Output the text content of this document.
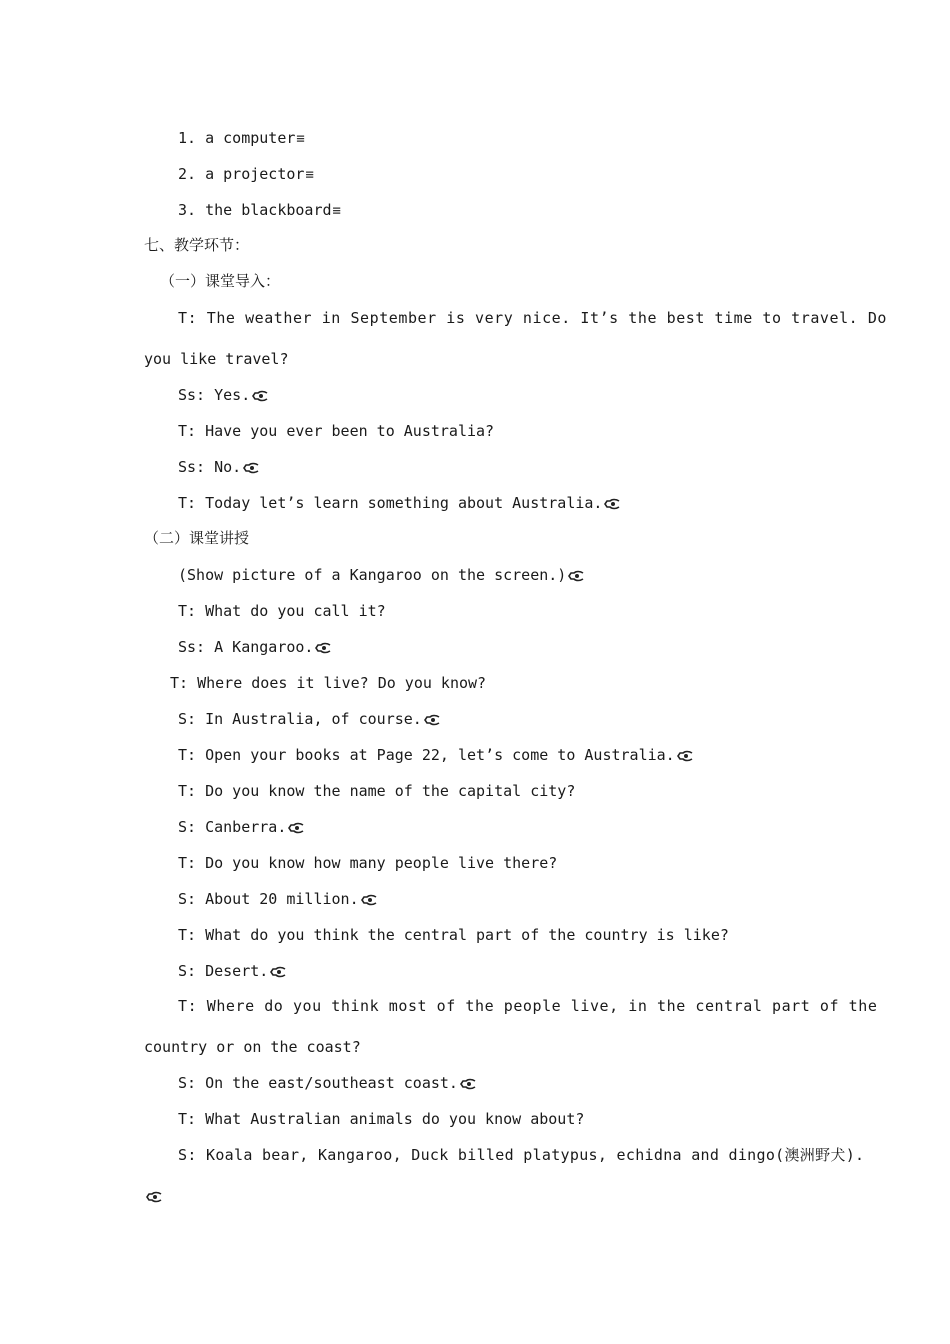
1. a computer≡
2. a projector≡
3. the blackboard≡
七、教学环节：
（一）课堂导入：
T: The weather in September is very nice. It’s the best time to travel. Do
you like travel?
Ss: Yes.
T: Have you ever been to Australia?
Ss: No.
T: Today let’s learn something about Australia.
（二）课堂讲授
(Show picture of a Kangaroo on the screen.)
T: What do you call it?
Ss: A Kangaroo.
T: Where does it live? Do you know?
S: In Australia, of course.
T: Open your books at Page 22, let’s come to Australia.
T: Do you know the name of the capital city?
S: Canberra.
T: Do you know how many people live there?
S: About 20 million.
T: What do you think the central part of the country is like?
S: Desert.
T: Where do you think most of the people live, in the central part of the
country or on the coast?
S: On the east/southeast coast.
T: What Australian animals do you know about?
S: Koala bear, Kangaroo, Duck billed platypus, echidna and dingo(澳洲野犬).
